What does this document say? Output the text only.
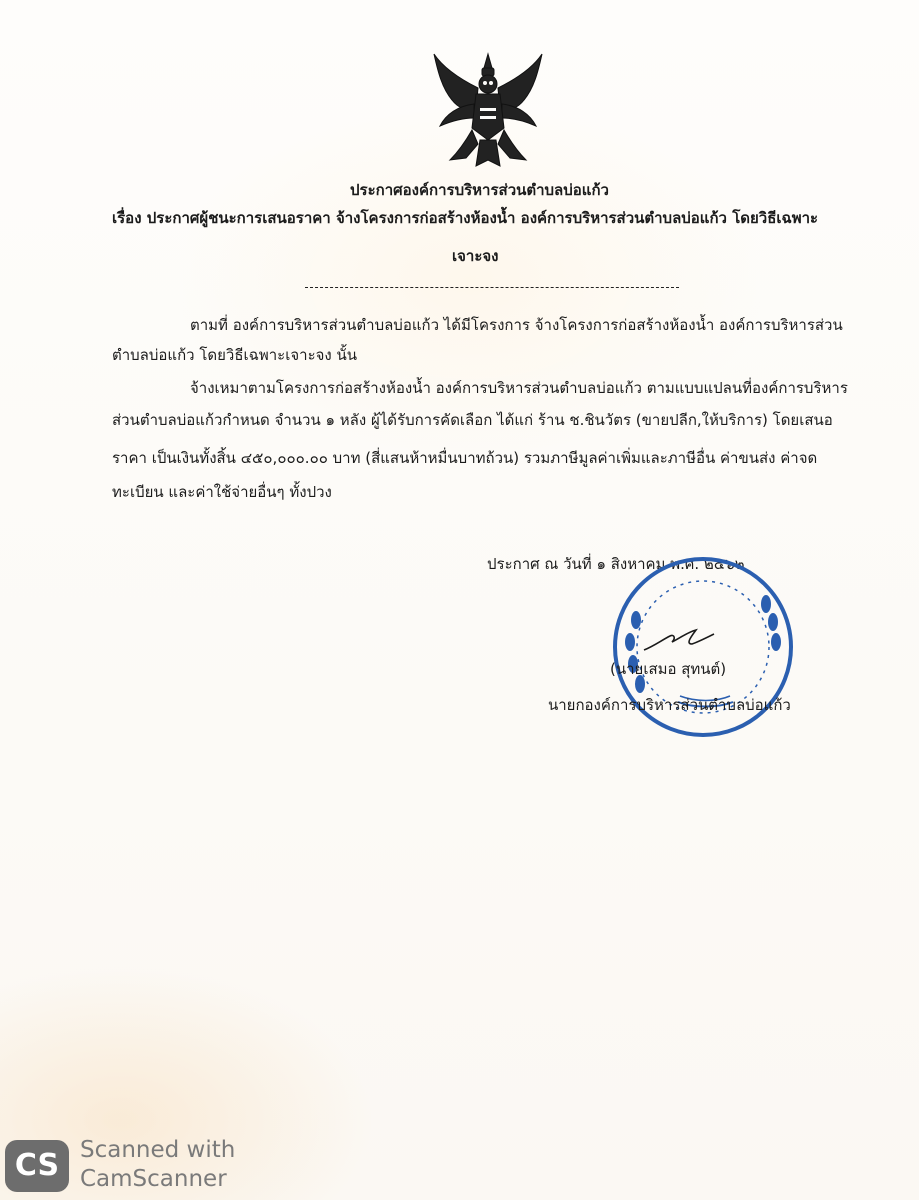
ประกาศองค์การบริหารส่วนตำบลบ่อแก้ว
เรื่อง ประกาศผู้ชนะการเสนอราคา จ้างโครงการก่อสร้างห้องน้ำ องค์การบริหารส่วนตำบลบ่อแก้ว โดยวิธีเฉพาะ
เจาะจง
ตามที่ องค์การบริหารส่วนตำบลบ่อแก้ว ได้มีโครงการ จ้างโครงการก่อสร้างห้องน้ำ องค์การบริหารส่วน
ตำบลบ่อแก้ว โดยวิธีเฉพาะเจาะจง นั้น
จ้างเหมาตามโครงการก่อสร้างห้องน้ำ องค์การบริหารส่วนตำบลบ่อแก้ว ตามแบบแปลนที่องค์การบริหาร
ส่วนตำบลบ่อแก้วกำหนด จำนวน ๑ หลัง ผู้ได้รับการคัดเลือก ได้แก่ ร้าน ช.ชินวัตร (ขายปลีก,ให้บริการ) โดยเสนอ
ราคา เป็นเงินทั้งสิ้น ๔๕๐,๐๐๐.๐๐ บาท (สี่แสนห้าหมื่นบาทถ้วน) รวมภาษีมูลค่าเพิ่มและภาษีอื่น ค่าขนส่ง ค่าจด
ทะเบียน และค่าใช้จ่ายอื่นๆ ทั้งปวง
ประกาศ ณ วันที่ ๑ สิงหาคม พ.ศ. ๒๕๖๒
(นายเสมอ สุทนต์)
นายกองค์การบริหารส่วนตำบลบ่อแก้ว
CS Scanned with
CamScanner
